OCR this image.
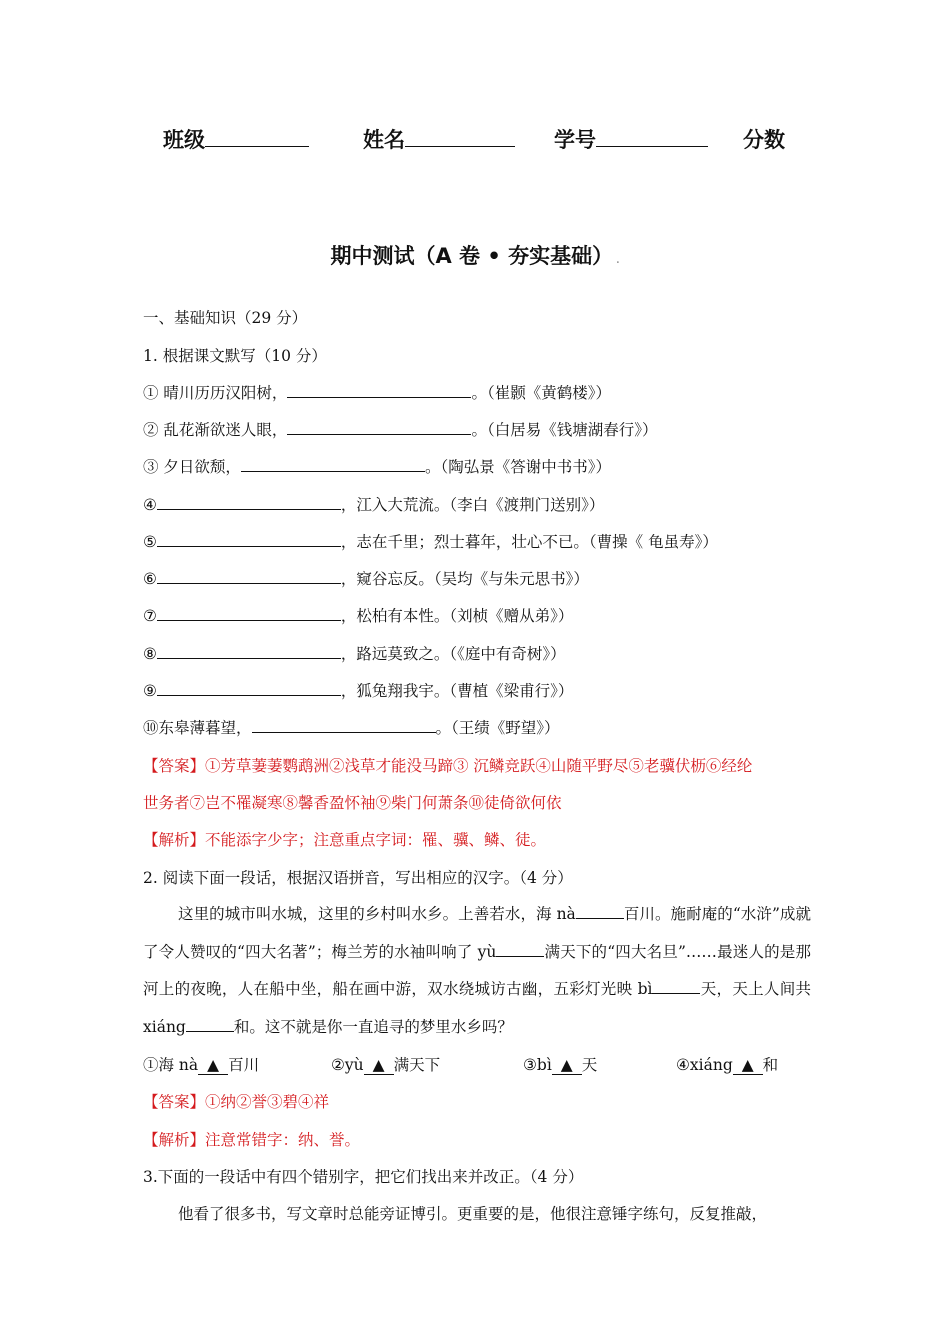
班级	姓名	学号	分数
期中测试（A 卷 • 夯实基础） .
一、基础知识（29 分）
1. 根据课文默写（10 分）
① 晴川历历汉阳树，	。（崔颢《黄鹤楼》）
② 乱花渐欲迷人眼，	。（白居易《钱塘湖春行》）
③ 夕日欲颓，	。（陶弘景《答谢中书书》）
④	，江入大荒流。（李白《渡荆门送别》）
⑤	，志在千里；烈士暮年，壮心不已。（曹操《 龟虽寿》）
⑥	，窥谷忘反。（吴均《与朱元思书》）
⑦	，松柏有本性。（刘桢《赠从弟》）
⑧	，路远莫致之。（《庭中有奇树》）
⑨	，狐兔翔我宇。（曹植《梁甫行》）
⑩东皋薄暮望，	。（王绩《野望》）
【答案】①芳草萋萋鹦鹉洲②浅草才能没马蹄③ 沉鳞竞跃④山随平野尽⑤老骥伏枥⑥经纶
世务者⑦岂不罹凝寒⑧馨香盈怀袖⑨柴门何萧条⑩徒倚欲何依
【解析】不能添字少字；注意重点字词：罹、骥、鳞、徒。
2. 阅读下面一段话，根据汉语拼音，写出相应的汉字。（4 分）
这里的城市叫水城，这里的乡村叫水乡。上善若水，海 nà	百川。施耐庵的“水浒”成就了令人赞叹的“四大名著”；梅兰芳的水袖叫响了 yù	满天下的“四大名旦”……最迷人的是那河上的夜晚，人在船中坐，船在画中游，双水绕城访古幽，五彩灯光映 bì	天，天上人间共 xiáng	和。这不就是你一直追寻的梦里水乡吗？
①海 nà ▲ 百川	②yù ▲ 满天下	③bì ▲ 天	④xiáng ▲ 和
【答案】①纳②誉③碧④祥
【解析】注意常错字：纳、誉。
3.下面的一段话中有四个错别字，把它们找出来并改正。（4 分）
他看了很多书，写文章时总能旁证博引。更重要的是，他很注意锤字练句，反复推敲，
